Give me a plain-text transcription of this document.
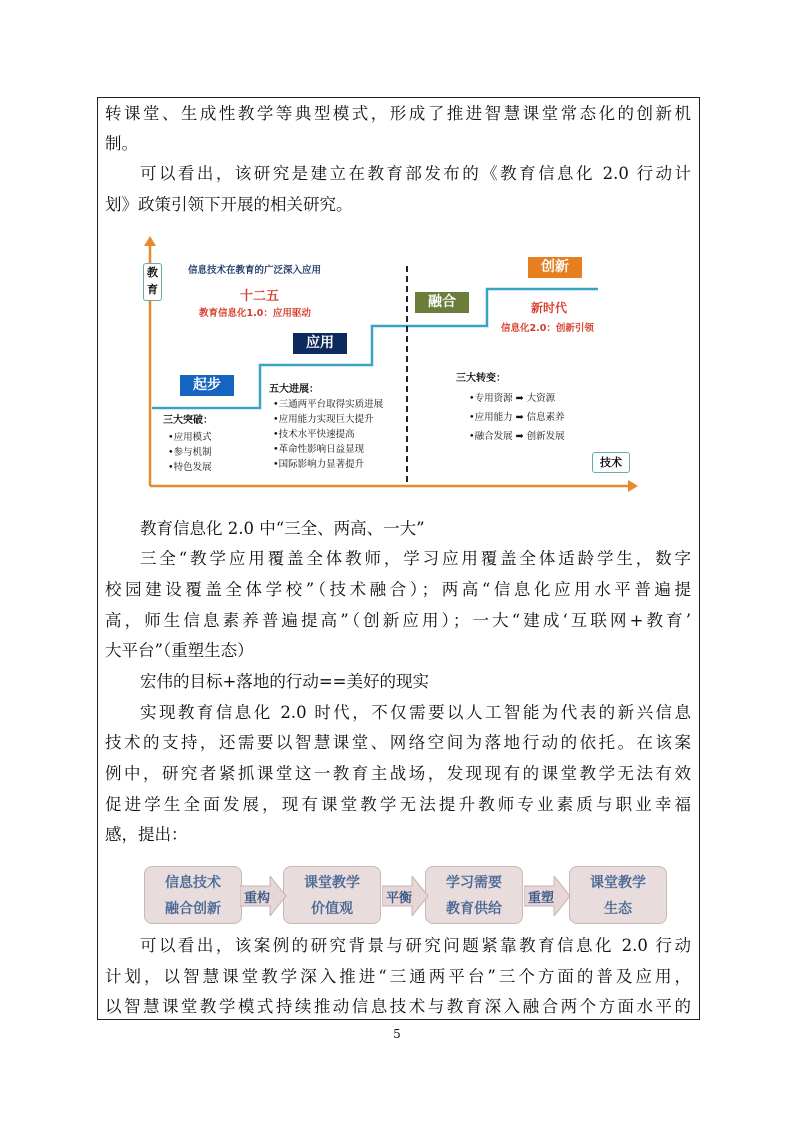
转课堂、生成性教学等典型模式，形成了推进智慧课堂常态化的创新机
制。
可以看出，该研究是建立在教育部发布的《教育信息化 2.0 行动计
划》政策引领下开展的相关研究。
教育
技术
信息技术在教育的广泛深入应用
十二五
教育信息化1.0：应用驱动	新时代
信息化2.0：创新引领
起步
应用
融合
创新
三大突破：
•应用模式
•参与机制
•特色发展
五大进展：
•三通两平台取得实质进展
•应用能力实现巨大提升
•技术水平快速提高
•革命性影响日益显现
•国际影响力显著提升
三大转变：
•专用资源 ➡ 大资源
•应用能力 ➡ 信息素养
•融合发展 ➡ 创新发展
教育信息化 2.0 中“三全、两高、一大”
三全“教学应用覆盖全体教师，学习应用覆盖全体适龄学生，数字
校园建设覆盖全体学校”（技术融合）；两高“信息化应用水平普遍提
高，师生信息素养普遍提高”（创新应用）；一大“建成‘互联网+教育’
大平台”（重塑生态）
宏伟的目标+落地的行动==美好的现实
实现教育信息化 2.0 时代，不仅需要以人工智能为代表的新兴信息
技术的支持，还需要以智慧课堂、网络空间为落地行动的依托。在该案
例中，研究者紧抓课堂这一教育主战场，发现现有的课堂教学无法有效
促进学生全面发展，现有课堂教学无法提升教师专业素质与职业幸福
感，提出：
信息技术
融合创新
课堂教学
价值观
学习需要
教育供给
课堂教学
生态
重构	平衡	重塑
可以看出，该案例的研究背景与研究问题紧靠教育信息化 2.0 行动
计划，以智慧课堂教学深入推进“三通两平台”三个方面的普及应用，
以智慧课堂教学模式持续推动信息技术与教育深入融合两个方面水平的
5
